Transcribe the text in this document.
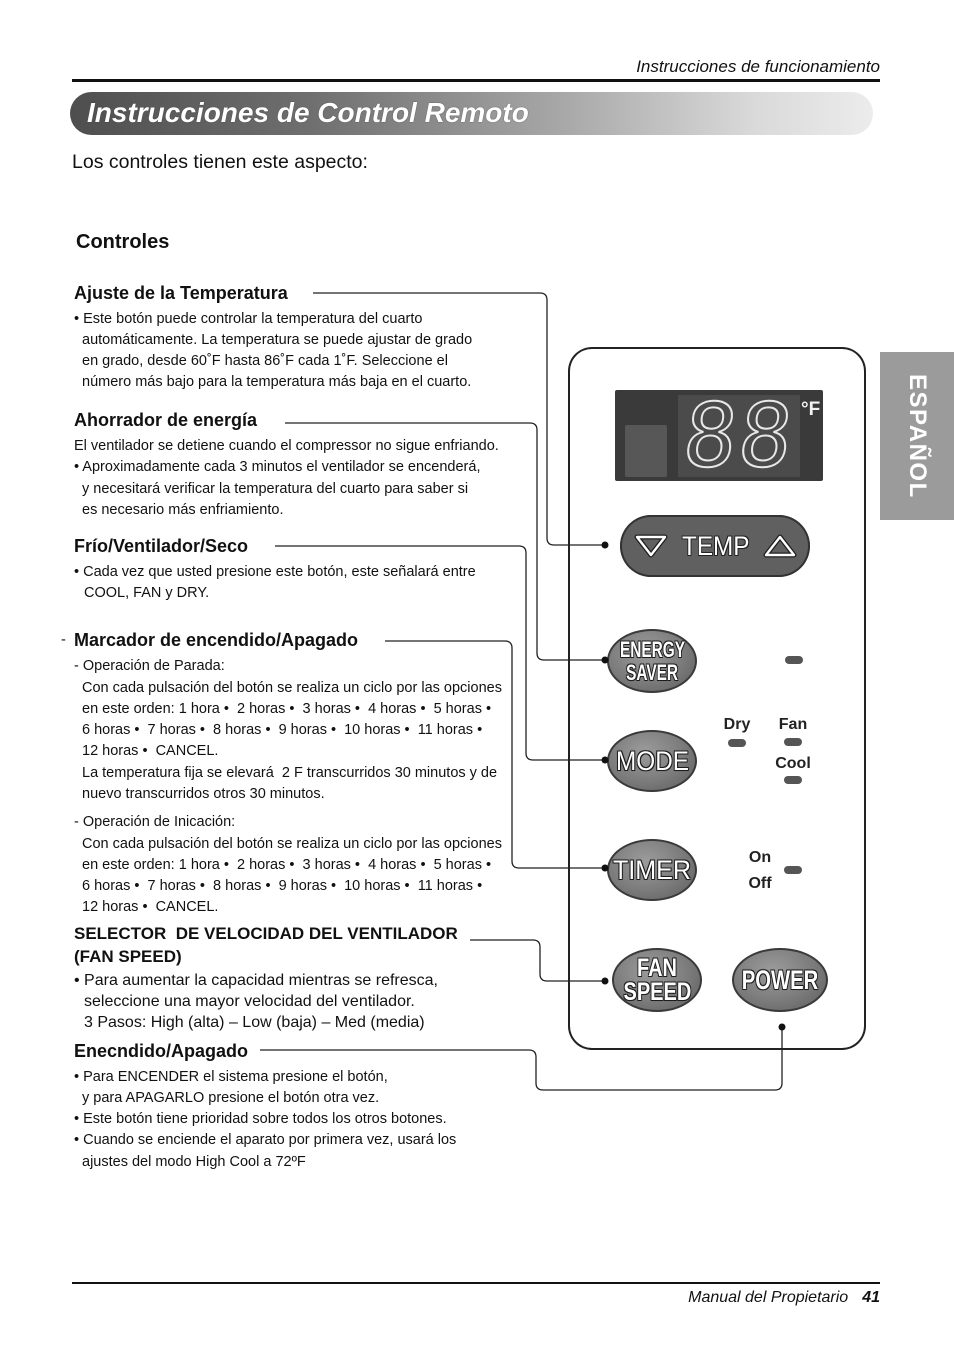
Instrucciones de funcionamiento
Instrucciones de Control Remoto
Los controles tienen este aspecto:
Controles
ESPAÑOL
Ajuste de la Temperatura
• Este botón puede controlar la temperatura del cuarto
automáticamente. La temperatura se puede ajustar de grado
en grado, desde 60˚F hasta 86˚F cada 1˚F. Seleccione el
número más bajo para la temperatura más baja en el cuarto.
Ahorrador de energía
El ventilador se detiene cuando el compressor no sigue enfriando.
• Aproximadamente cada 3 minutos el ventilador se encenderá,
y necesitará verificar la temperatura del cuarto para saber si
es necesario más enfriamiento.
Frío/Ventilador/Seco
• Cada vez que usted presione este botón, este señalará entre
COOL, FAN y DRY.
- Marcador de encendido/Apagado
- Operación de Parada:
Con cada pulsación del botón se realiza un ciclo por las opciones
en este orden: 1 hora •  2 horas •  3 horas •  4 horas •  5 horas •
6 horas •  7 horas •  8 horas •  9 horas •  10 horas •  11 horas •
12 horas •  CANCEL.
La temperatura fija se elevará  2 F transcurridos 30 minutos y de
nuevo transcurridos otros 30 minutos.
- Operación de Inicación:
Con cada pulsación del botón se realiza un ciclo por las opciones
en este orden: 1 hora •  2 horas •  3 horas •  4 horas •  5 horas •
6 horas •  7 horas •  8 horas •  9 horas •  10 horas •  11 horas •
12 horas •  CANCEL.
SELECTOR  DE VELOCIDAD DEL VENTILADOR
(FAN SPEED)
• Para aumentar la capacidad mientras se refresca,
seleccione una mayor velocidad del ventilador.
3 Pasos: High (alta) – Low (baja) – Med (media)
Enecndido/Apagado
• Para ENCENDER el sistema presione el botón,
y para APAGARLO presione el botón otra vez.
• Este botón tiene prioridad sobre todos los otros botones.
• Cuando se enciende el aparato por primera vez, usará los
ajustes del modo High Cool a 72ºF
88 °F
TEMP
ENERGY
SAVER
Dry	Fan
Cool
MODE
TIMER	On
Off
FAN
SPEED POWER
Manual del Propietario 41
